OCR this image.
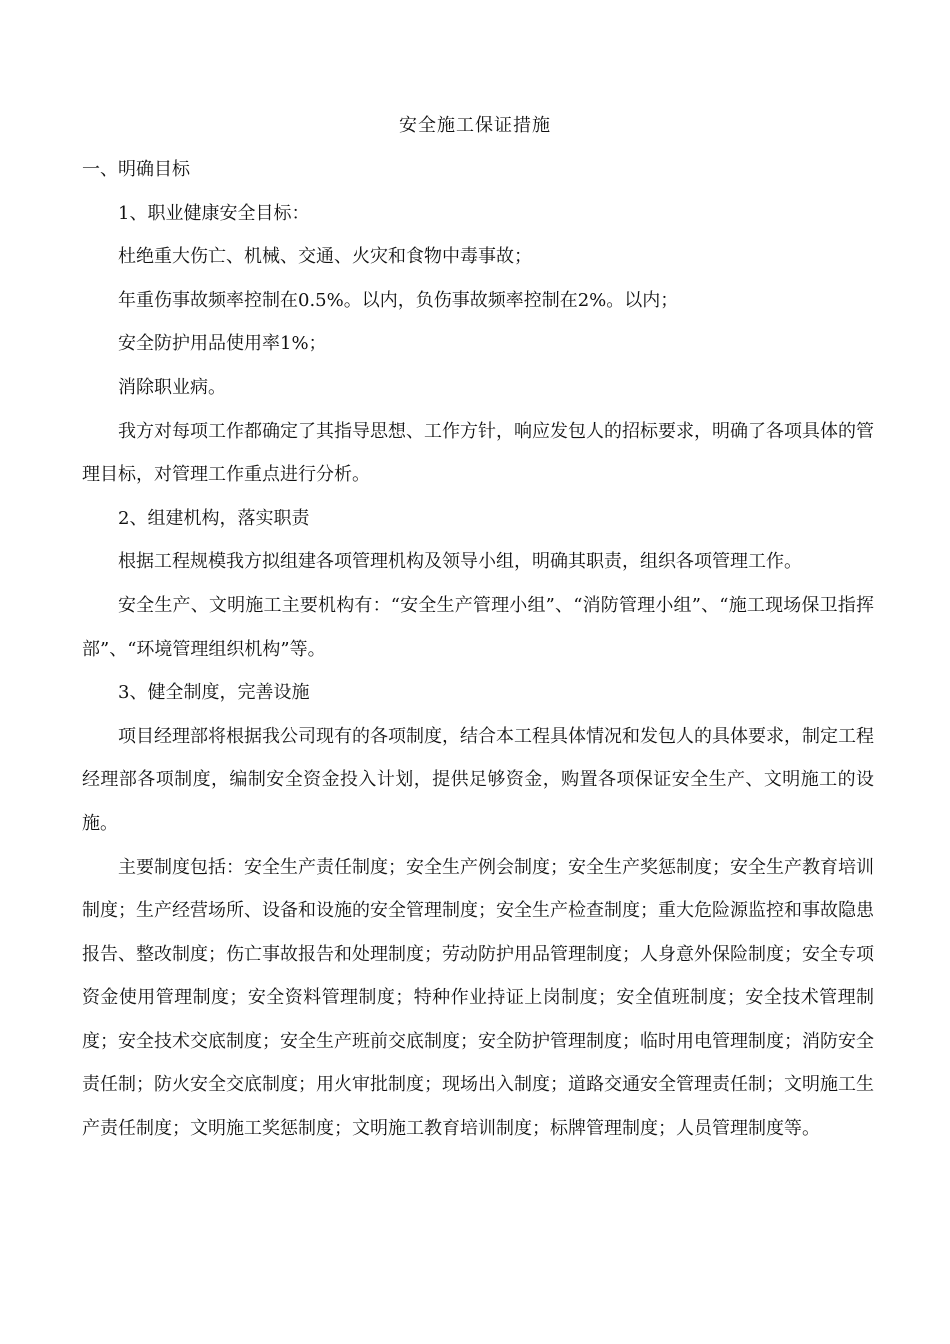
安全施工保证措施

一、明确目标

1、职业健康安全目标：

杜绝重大伤亡、机械、交通、火灾和食物中毒事故；

年重伤事故频率控制在0.5%。以内，负伤事故频率控制在2%。以内；

安全防护用品使用率1%；

消除职业病。

我方对每项工作都确定了其指导思想、工作方针，响应发包人的招标要求，明确了各项具体的管理目标，对管理工作重点进行分析。

2、组建机构，落实职责

根据工程规模我方拟组建各项管理机构及领导小组，明确其职责，组织各项管理工作。

安全生产、文明施工主要机构有：“安全生产管理小组”、“消防管理小组”、“施工现场保卫指挥部”、“环境管理组织机构”等。

3、健全制度，完善设施

项目经理部将根据我公司现有的各项制度，结合本工程具体情况和发包人的具体要求，制定工程经理部各项制度，编制安全资金投入计划，提供足够资金，购置各项保证安全生产、文明施工的设施。

主要制度包括：安全生产责任制度；安全生产例会制度；安全生产奖惩制度；安全生产教育培训制度；生产经营场所、设备和设施的安全管理制度；安全生产检查制度；重大危险源监控和事故隐患报告、整改制度；伤亡事故报告和处理制度；劳动防护用品管理制度；人身意外保险制度；安全专项资金使用管理制度；安全资料管理制度；特种作业持证上岗制度；安全值班制度；安全技术管理制度；安全技术交底制度；安全生产班前交底制度；安全防护管理制度；临时用电管理制度；消防安全责任制；防火安全交底制度；用火审批制度；现场出入制度；道路交通安全管理责任制；文明施工生产责任制度；文明施工奖惩制度；文明施工教育培训制度；标牌管理制度；人员管理制度等。
